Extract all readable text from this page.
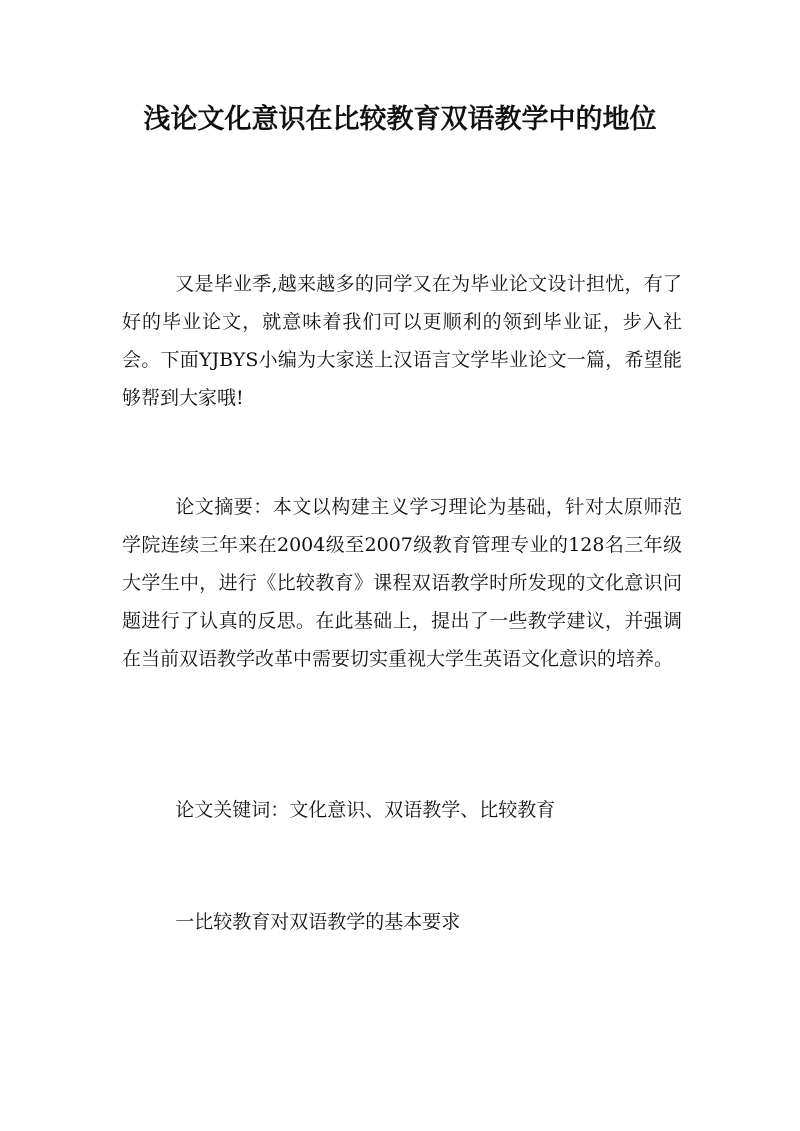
浅论文化意识在比较教育双语教学中的地位

又是毕业季,越来越多的同学又在为毕业论文设计担忧，有了好的毕业论文，就意味着我们可以更顺利的领到毕业证，步入社会。下面YJBYS小编为大家送上汉语言文学毕业论文一篇，希望能够帮到大家哦!

论文摘要：本文以构建主义学习理论为基础，针对太原师范学院连续三年来在2004级至2007级教育管理专业的128名三年级大学生中，进行《比较教育》课程双语教学时所发现的文化意识问题进行了认真的反思。在此基础上，提出了一些教学建议，并强调在当前双语教学改革中需要切实重视大学生英语文化意识的培养。

论文关键词：文化意识、双语教学、比较教育

一比较教育对双语教学的基本要求
